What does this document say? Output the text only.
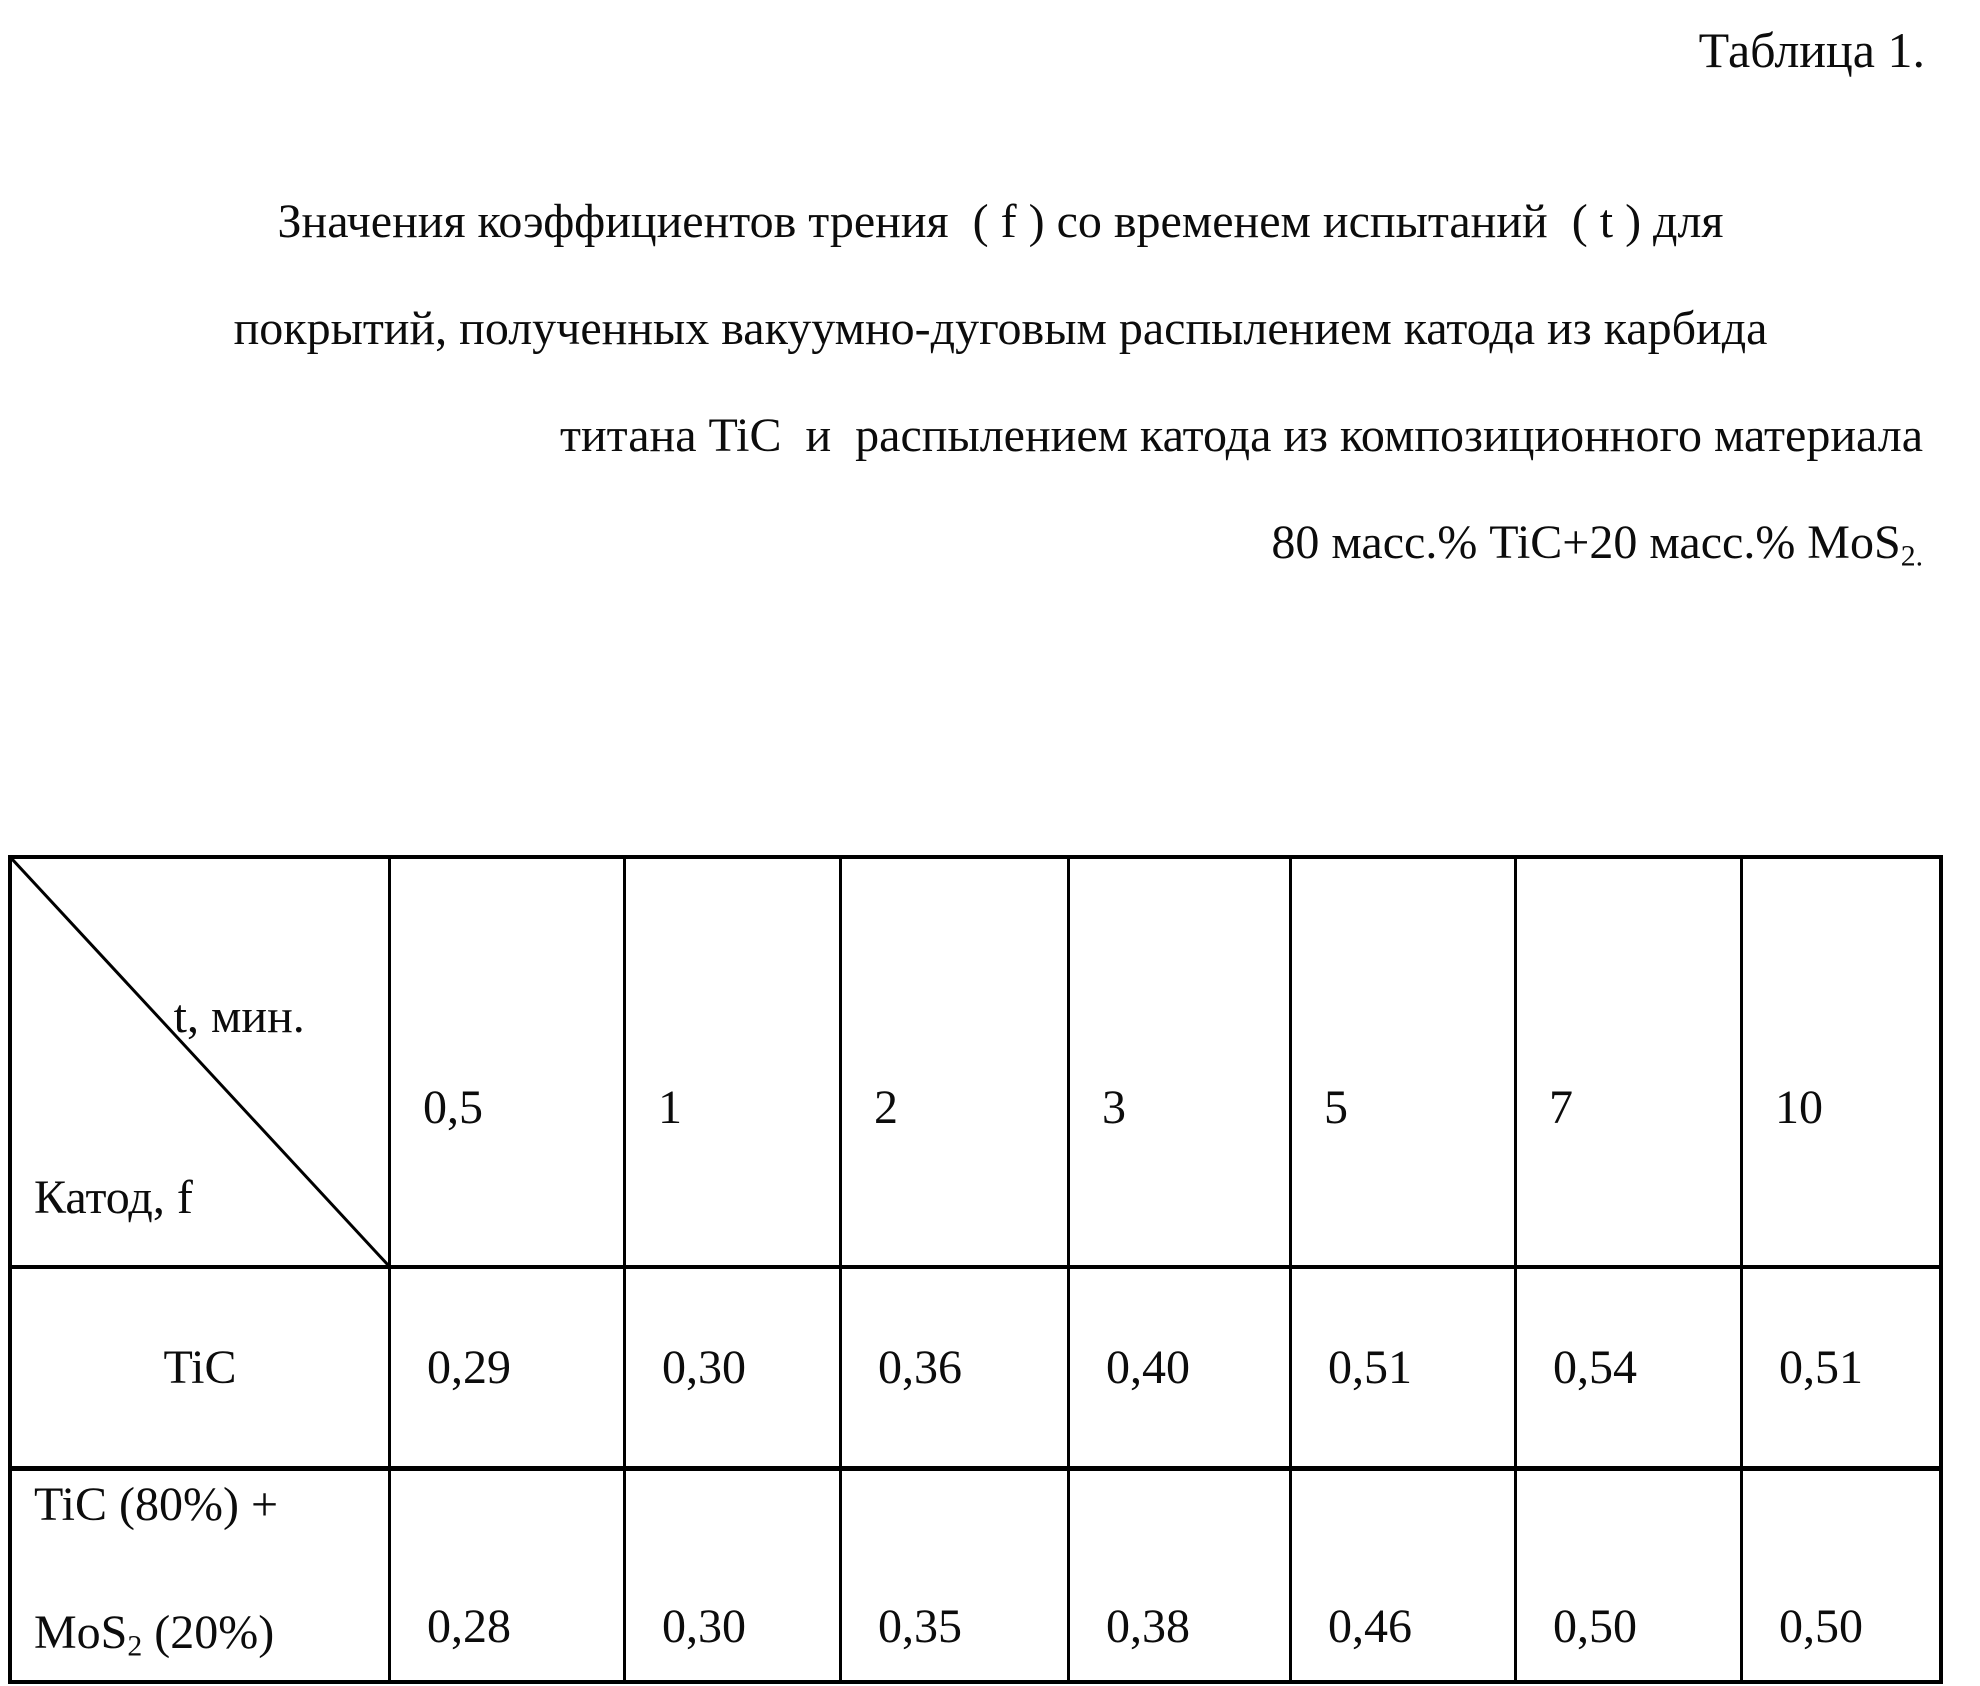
Таблица 1.
Значения коэффициентов трения  ( f ) со временем испытаний  ( t ) для
покрытий, полученных вакуумно-дуговым распылением катода из карбида
титана TiC  и  распылением катода из композиционного материала
80 масс.% TiC+20 масс.% MoS$_{2.}$
t, мин.
Катод, f
0,5	1	2	3	5	7	10
TiC	0,29	0,30	0,36	0,40	0,51	0,54	0,51
TiC (80%) +
MoS$_2$ (20%)	0,28	0,30	0,35	0,38	0,46	0,50	0,50
